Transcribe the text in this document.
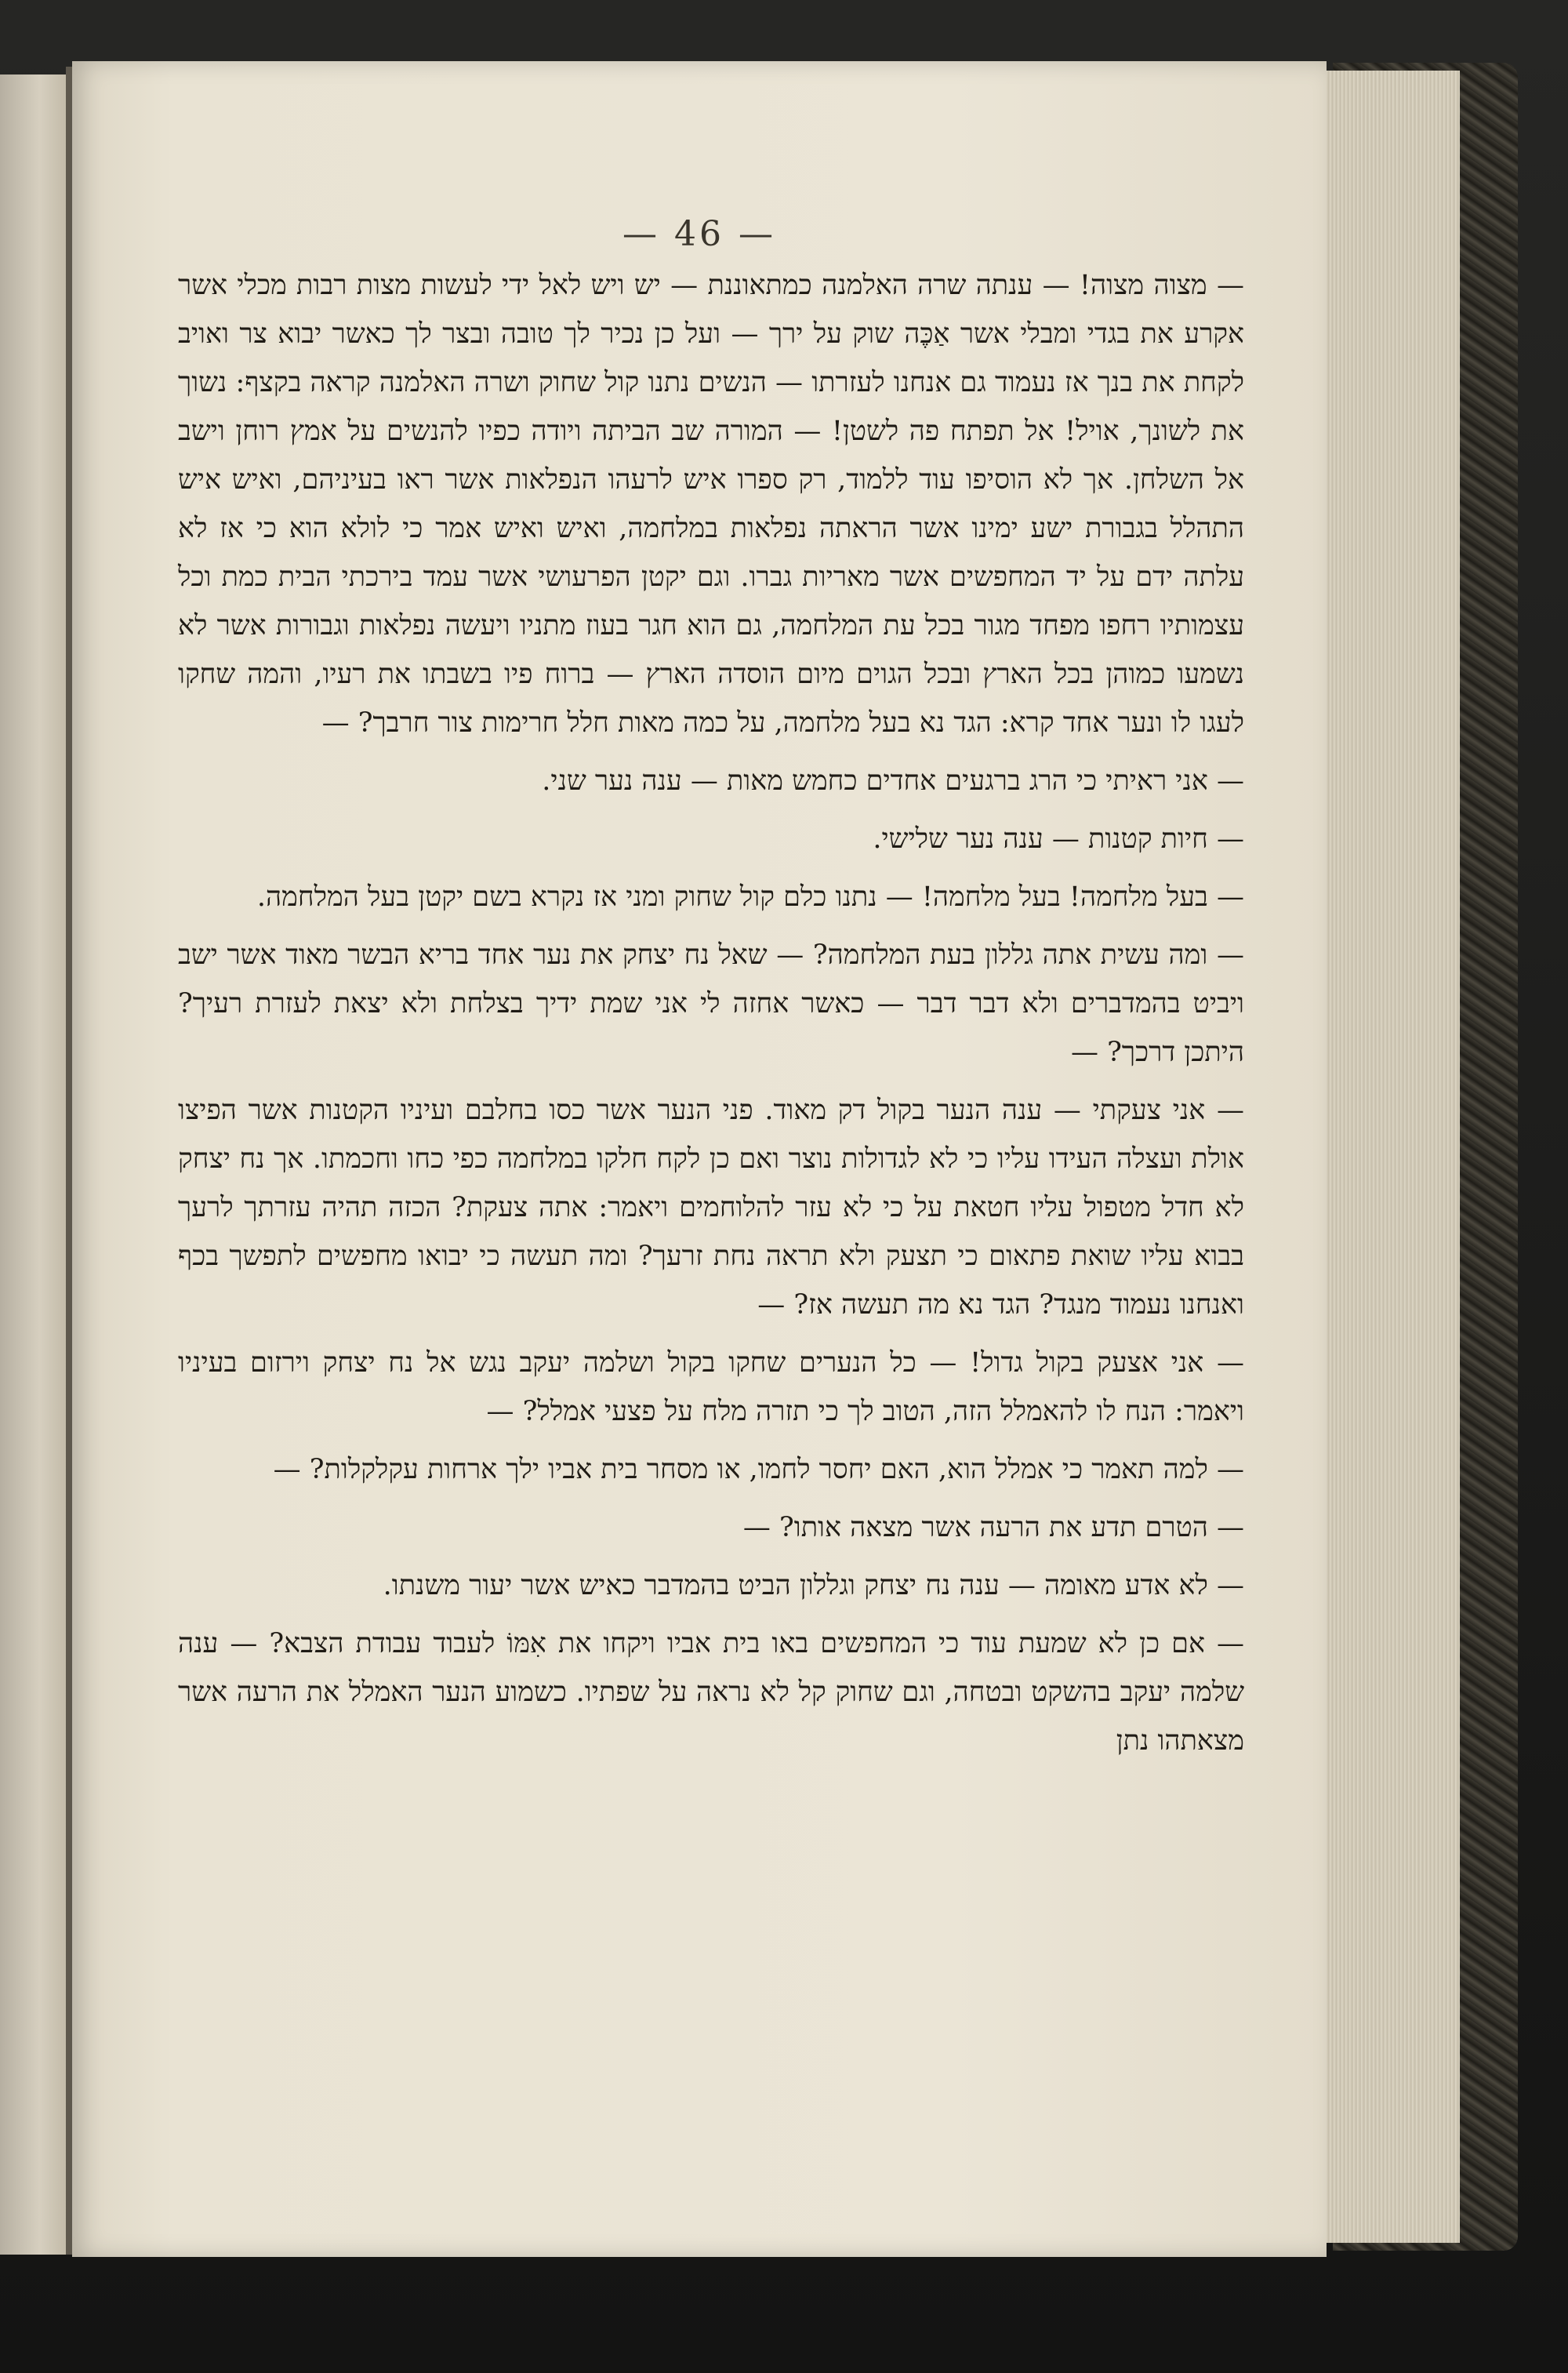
— 46 —

— מצוה מצוה! — ענתה שרה האלמנה כמתאוננת — יש ויש לאל ידי לעשות מצות רבות מכלי אשר אקרע את בגדי ומבלי אשר אַכֶּה שוק על ירך — ועל כן נכיר לך טובה ובצר לך כאשר יבוא צר ואויב לקחת את בנך אז נעמוד גם אנחנו לעזרתו — הנשים נתנו קול שחוק ושרה האלמנה קראה בקצף: נשוך את לשונך, אויל! אל תפתח פה לשטן! — המורה שב הביתה ויודה כפיו להנשים על אמץ רוחן וישב אל השלחן. אך לא הוסיפו עוד ללמוד, רק ספרו איש לרעהו הנפלאות אשר ראו בעיניהם, ואיש איש התהלל בגבורת ישע ימינו אשר הראתה נפלאות במלחמה, ואיש ואיש אמר כי לולא הוא כי אז לא עלתה ידם על יד המחפשים אשר מאריות גברו. וגם יקטן הפרעושי אשר עמד בירכתי הבית כמת וכל עצמותיו רחפו מפחד מגור בכל עת המלחמה, גם הוא חגר בעוז מתניו ויעשה נפלאות וגבורות אשר לא נשמעו כמוהן בכל הארץ ובכל הגוים מיום הוסדה הארץ — ברוח פיו בשבתו את רעיו, והמה שחקו לעגו לו ונער אחד קרא: הגד נא בעל מלחמה, על כמה מאות חלל חרימות צור חרבך? —

— אני ראיתי כי הרג ברגעים אחדים כחמש מאות — ענה נער שני.

— חיות קטנות — ענה נער שלישי.

— בעל מלחמה! בעל מלחמה! — נתנו כלם קול שחוק ומני אז נקרא בשם יקטן בעל המלחמה.

— ומה עשית אתה גללון בעת המלחמה? — שאל נח יצחק את נער אחד בריא הבשר מאוד אשר ישב ויביט בהמדברים ולא דבר דבר — כאשר אחזה לי אני שמת ידיך בצלחת ולא יצאת לעזרת רעיך? היתכן דרכך? —

— אני צעקתי — ענה הנער בקול דק מאוד. פני הנער אשר כסו בחלבם ועיניו הקטנות אשר הפיצו אולת ועצלה העידו עליו כי לא לגדולות נוצר ואם כן לקח חלקו במלחמה כפי כחו וחכמתו. אך נח יצחק לא חדל מטפול עליו חטאת על כי לא עזר להלוחמים ויאמר: אתה צעקת? הכזה תהיה עזרתך לרעך בבוא עליו שואת פתאום כי תצעק ולא תראה נחת זרעך? ומה תעשה כי יבואו מחפשים לתפשך בכף ואנחנו נעמוד מנגד? הגד נא מה תעשה אז? —

— אני אצעק בקול גדול! — כל הנערים שחקו בקול ושלמה יעקב נגש אל נח יצחק וירזום בעיניו ויאמר: הנח לו להאמלל הזה, הטוב לך כי תזרה מלח על פצעי אמלל? —

— למה תאמר כי אמלל הוא, האם יחסר לחמו, או מסחר בית אביו ילך ארחות עקלקלות? —

— הטרם תדע את הרעה אשר מצאה אותו? —

— לא אדע מאומה — ענה נח יצחק וגללון הביט בהמדבר כאיש אשר יעור משנתו.

— אם כן לא שמעת עוד כי המחפשים באו בית אביו ויקחו את אִמּוֹ לעבוד עבודת הצבא? — ענה שלמה יעקב בהשקט ובטחה, וגם שחוק קל לא נראה על שפתיו. כשמוע הנער האמלל את הרעה אשר מצאתהו נתן
